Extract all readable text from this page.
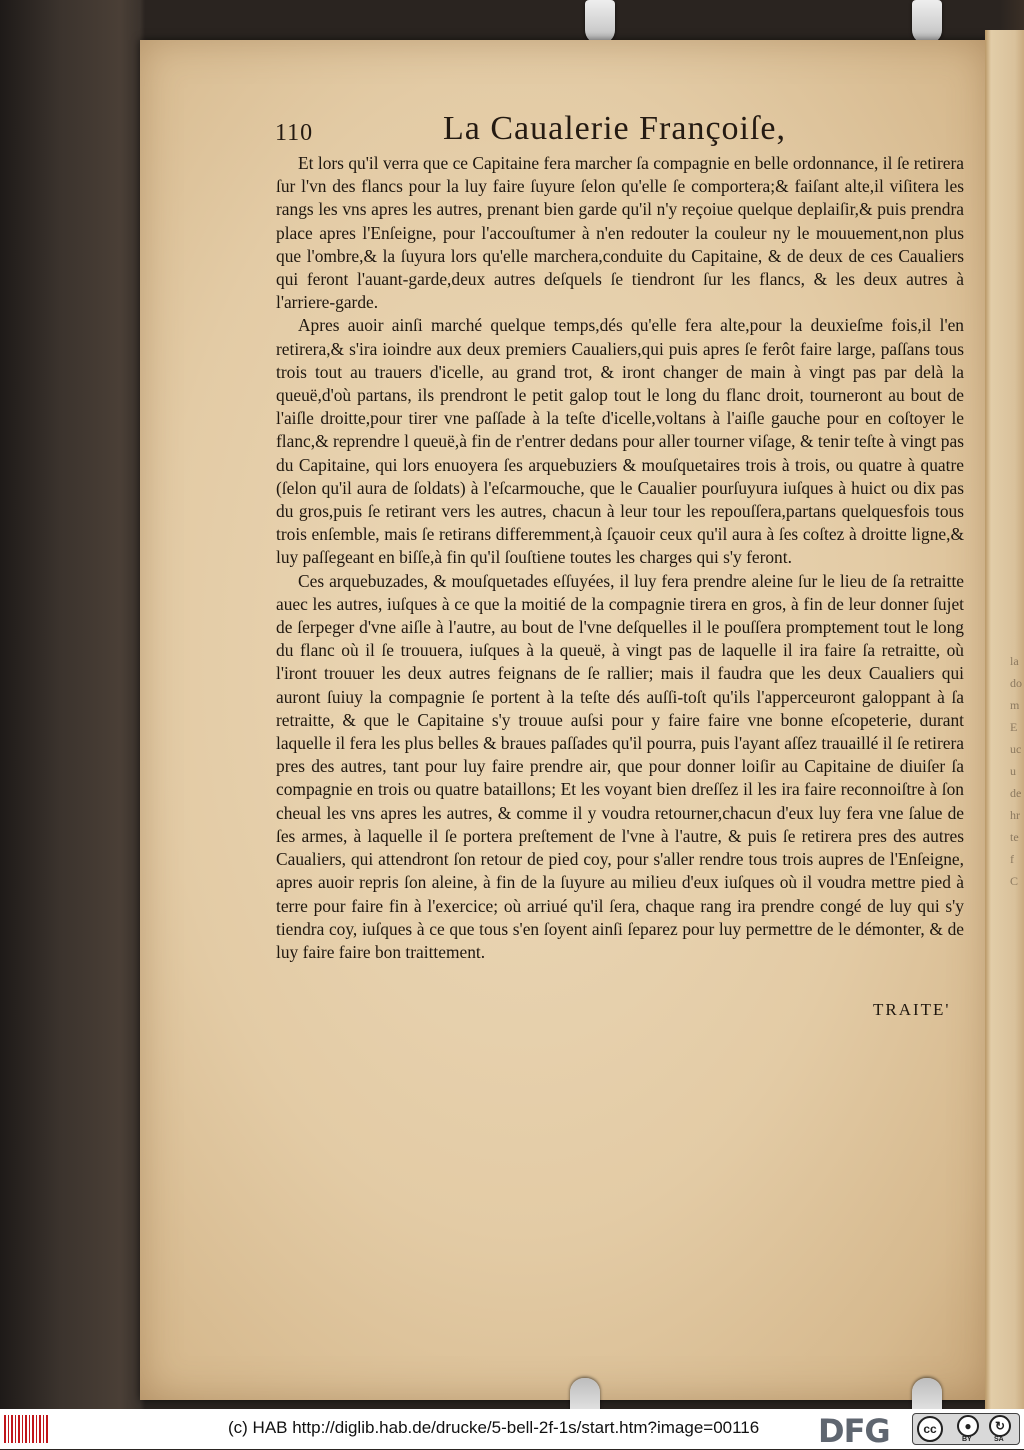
la
do
m
E
uc
u
de
hr
te
f
C
110	La Caualerie Françoiſe,

Et lors qu'il verra que ce Capitaine fera marcher ſa compagnie en belle ordonnance, il ſe retirera ſur l'vn des flancs pour la luy faire ſuyure ſelon qu'elle ſe comportera;& faiſant alte,il viſitera les rangs les vns apres les autres, prenant bien garde qu'il n'y reçoiue quelque deplaiſir,& puis prendra place apres l'Enſeigne, pour l'accouſtumer à n'en redouter la couleur ny le mouuement,non plus que l'ombre,& la ſuyura lors qu'elle marchera,conduite du Capitaine, & de deux de ces Caualiers qui feront l'auant-garde,deux autres deſquels ſe tiendront ſur les flancs, & les deux autres à l'arriere-garde.

Apres auoir ainſi marché quelque temps,dés qu'elle fera alte,pour la deuxieſme fois,il l'en retirera,& s'ira ioindre aux deux premiers Caualiers,qui puis apres ſe ferôt faire large, paſſans tous trois tout au trauers d'icelle, au grand trot, & iront changer de main à vingt pas par delà la queuë,d'où partans, ils prendront le petit galop tout le long du flanc droit, tourneront au bout de l'aiſle droitte,pour tirer vne paſſade à la teſte d'icelle,voltans à l'aiſle gauche pour en coſtoyer le flanc,& reprendre l queuë,à fin de r'entrer dedans pour aller tourner viſage, & tenir teſte à vingt pas du Capitaine, qui lors enuoyera ſes arquebuziers & mouſquetaires trois à trois, ou quatre à quatre (ſelon qu'il aura de ſoldats) à l'eſcarmouche, que le Caualier pourſuyura iuſques à huict ou dix pas du gros,puis ſe retirant vers les autres, chacun à leur tour les repouſſera,partans quelquesfois tous trois enſemble, mais ſe retirans differemment,à ſçauoir ceux qu'il aura à ſes coſtez à droitte ligne,& luy paſſegeant en biſſe,à fin qu'il ſouſtiene toutes les charges qui s'y feront.

Ces arquebuzades, & mouſquetades eſſuyées, il luy fera prendre aleine ſur le lieu de ſa retraitte auec les autres, iuſques à ce que la moitié de la compagnie tirera en gros, à fin de leur donner ſujet de ſerpeger d'vne aiſle à l'autre, au bout de l'vne deſquelles il le pouſſera promptement tout le long du flanc où il ſe trouuera, iuſques à la queuë, à vingt pas de laquelle il ira faire ſa retraitte, où l'iront trouuer les deux autres feignans de ſe rallier; mais il faudra que les deux Caualiers qui auront ſuiuy la compagnie ſe portent à la teſte dés auſſi-toſt qu'ils l'apperceuront galoppant à ſa retraitte, & que le Capitaine s'y trouue auſsi pour y faire faire vne bonne eſcopeterie, durant laquelle il fera les plus belles & braues paſſades qu'il pourra, puis l'ayant aſſez trauaillé il ſe retirera pres des autres, tant pour luy faire prendre air, que pour donner loiſir au Capitaine de diuiſer ſa compagnie en trois ou quatre bataillons; Et les voyant bien dreſſez il les ira faire reconnoiſtre à ſon cheual les vns apres les autres, & comme il y voudra retourner,chacun d'eux luy fera vne ſalue de ſes armes, à laquelle il ſe portera preſtement de l'vne à l'autre, & puis ſe retirera pres des autres Caualiers, qui attendront ſon retour de pied coy, pour s'aller rendre tous trois aupres de l'Enſeigne, apres auoir repris ſon aleine, à fin de la ſuyure au milieu d'eux iuſques où il voudra mettre pied à terre pour faire fin à l'exercice; où arriué qu'il ſera, chaque rang ira prendre congé de luy qui s'y tiendra coy, iuſques à ce que tous s'en ſoyent ainſi ſeparez pour luy permettre de le démonter, & de luy faire faire bon traittement.

TRAITE'
(c) HAB http://diglib.hab.de/drucke/5-bell-2f-1s/start.htm?image=00116 DFG	cc	●	↻
BY	SA
